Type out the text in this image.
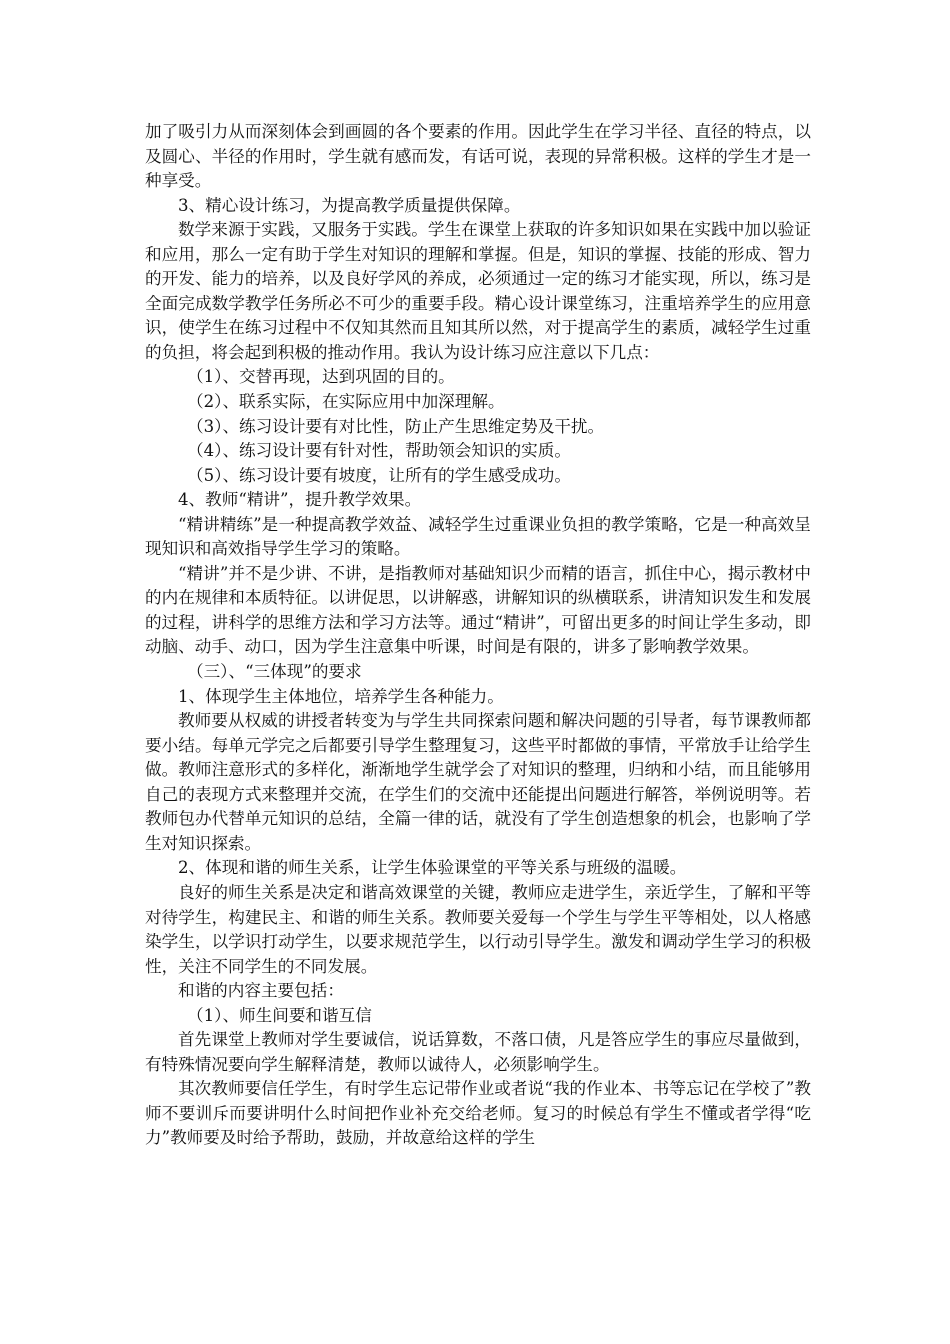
加了吸引力从而深刻体会到画圆的各个要素的作用。因此学生在学习半径、直径的特点，以及圆心、半径的作用时，学生就有感而发，有话可说，表现的异常积极。这样的学生才是一种享受。

3、精心设计练习，为提高教学质量提供保障。

数学来源于实践，又服务于实践。学生在课堂上获取的许多知识如果在实践中加以验证和应用，那么一定有助于学生对知识的理解和掌握。但是，知识的掌握、技能的形成、智力的开发、能力的培养，以及良好学风的养成，必须通过一定的练习才能实现，所以，练习是全面完成数学教学任务所必不可少的重要手段。精心设计课堂练习，注重培养学生的应用意识，使学生在练习过程中不仅知其然而且知其所以然，对于提高学生的素质，减轻学生过重的负担，将会起到积极的推动作用。我认为设计练习应注意以下几点：

（1）、交替再现，达到巩固的目的。

（2）、联系实际，在实际应用中加深理解。

（3）、练习设计要有对比性，防止产生思维定势及干扰。

（4）、练习设计要有针对性，帮助领会知识的实质。

（5）、练习设计要有坡度，让所有的学生感受成功。

4、教师“精讲”，提升教学效果。

“精讲精练”是一种提高教学效益、减轻学生过重课业负担的教学策略，它是一种高效呈现知识和高效指导学生学习的策略。

“精讲”并不是少讲、不讲，是指教师对基础知识少而精的语言，抓住中心，揭示教材中的内在规律和本质特征。以讲促思，以讲解惑，讲解知识的纵横联系，讲清知识发生和发展的过程，讲科学的思维方法和学习方法等。通过“精讲”，可留出更多的时间让学生多动，即动脑、动手、动口，因为学生注意集中听课，时间是有限的，讲多了影响教学效果。

（三）、“三体现”的要求

1、体现学生主体地位，培养学生各种能力。

教师要从权威的讲授者转变为与学生共同探索问题和解决问题的引导者，每节课教师都要小结。每单元学完之后都要引导学生整理复习，这些平时都做的事情，平常放手让给学生做。教师注意形式的多样化，渐渐地学生就学会了对知识的整理，归纳和小结，而且能够用自己的表现方式来整理并交流，在学生们的交流中还能提出问题进行解答，举例说明等。若教师包办代替单元知识的总结，全篇一律的话，就没有了学生创造想象的机会，也影响了学生对知识探索。

2、体现和谐的师生关系，让学生体验课堂的平等关系与班级的温暖。

良好的师生关系是决定和谐高效课堂的关键，教师应走进学生，亲近学生，了解和平等对待学生，构建民主、和谐的师生关系。教师要关爱每一个学生与学生平等相处，以人格感染学生，以学识打动学生，以要求规范学生，以行动引导学生。激发和调动学生学习的积极性，关注不同学生的不同发展。

和谐的内容主要包括：

（1）、师生间要和谐互信

首先课堂上教师对学生要诚信，说话算数，不落口债，凡是答应学生的事应尽量做到，有特殊情况要向学生解释清楚，教师以诚待人，必须影响学生。

其次教师要信任学生，有时学生忘记带作业或者说“我的作业本、书等忘记在学校了”教师不要训斥而要讲明什么时间把作业补充交给老师。复习的时候总有学生不懂或者学得“吃力”教师要及时给予帮助，鼓励，并故意给这样的学生
